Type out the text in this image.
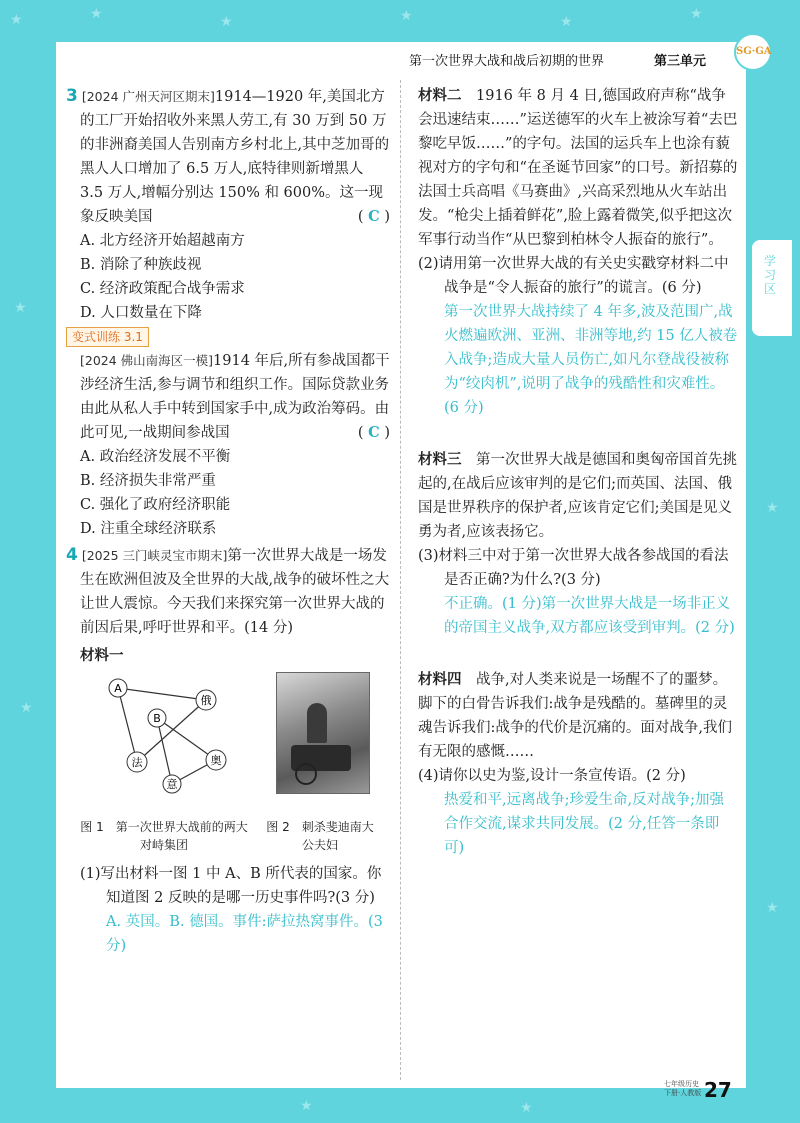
★	★	★	★	★	★
★
★
★
★
★	★
第一次世界大战和战后初期的世界	第三单元
SG·GA
学习区

3 [2024 广州天河区期末]1914—1920 年,美国北方的工厂开始招收外来黑人劳工,有 30 万到 50 万的非洲裔美国人告别南方乡村北上,其中芝加哥的黑人人口增加了 6.5 万人,底特律则新增黑人 3.5 万人,增幅分别达 150% 和 600%。这一现象反映美国	( C )

A. 北方经济开始超越南方

B. 消除了种族歧视

C. 经济政策配合战争需求

D. 人口数量在下降

变式训练 3.1

[2024 佛山南海区一模]1914 年后,所有参战国都干涉经济生活,参与调节和组织工作。国际贷款业务由此从私人手中转到国家手中,成为政治筹码。由此可见,一战期间参战国	( C )

A. 政治经济发展不平衡

B. 经济损失非常严重

C. 强化了政府经济职能

D. 注重全球经济联系

4 [2025 三门峡灵宝市期末]第一次世界大战是一场发生在欧洲但波及全世界的大战,战争的破坏性之大让世人震惊。今天我们来探究第一次世界大战的前因后果,呼吁世界和平。(14 分)

材料一

A
B
俄
法	奥
意
图 1　第一次世界大战前的两大对峙集团
图 2　刺杀斐迪南大公夫妇

(1)写出材料一图 1 中 A、B 所代表的国家。你知道图 2 反映的是哪一历史事件吗?(3 分)

A. 英国。B. 德国。事件:萨拉热窝事件。(3 分)

材料二　 1916 年 8 月 4 日,德国政府声称“战争会迅速结束……”运送德军的火车上被涂写着“去巴黎吃早饭……”的字句。法国的运兵车上也涂有藐视对方的字句和“在圣诞节回家”的口号。新招募的法国士兵高唱《马赛曲》,兴高采烈地从火车站出发。“枪尖上插着鲜花”,脸上露着微笑,似乎把这次军事行动当作“从巴黎到柏林令人振奋的旅行”。

(2)请用第一次世界大战的有关史实戳穿材料二中战争是“令人振奋的旅行”的谎言。(6 分)

第一次世界大战持续了 4 年多,波及范围广,战火燃遍欧洲、亚洲、非洲等地,约 15 亿人被卷入战争;造成大量人员伤亡,如凡尔登战役被称为“绞肉机”,说明了战争的残酷性和灾难性。(6 分)

材料三　 第一次世界大战是德国和奥匈帝国首先挑起的,在战后应该审判的是它们;而英国、法国、俄国是世界秩序的保护者,应该肯定它们;美国是见义勇为者,应该表扬它。

(3)材料三中对于第一次世界大战各参战国的看法是否正确?为什么?(3 分)

不正确。(1 分)第一次世界大战是一场非正义的帝国主义战争,双方都应该受到审判。(2 分)

材料四　 战争,对人类来说是一场醒不了的噩梦。脚下的白骨告诉我们:战争是残酷的。墓碑里的灵魂告诉我们:战争的代价是沉痛的。面对战争,我们有无限的感慨……

(4)请你以史为鉴,设计一条宣传语。(2 分)

热爱和平,远离战争;珍爱生命,反对战争;加强合作交流,谋求共同发展。(2 分,任答一条即可)

七年级历史 下册·人教版 27
